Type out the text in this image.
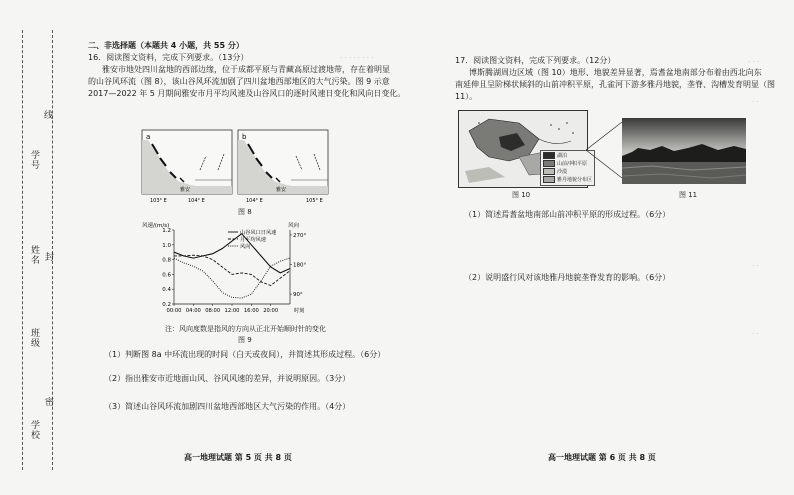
线
封
密
学号
姓名
班级
学校

二、非选择题（本题共 4 小题，共 55 分）

16．阅读图文资料，完成下列要求。（13分）

雅安市地处四川盆地的西部边缘，位于成都平原与青藏高原过渡地带，存在着明显

的山谷风环流（图 8），该山谷风环流加剧了四川盆地西部地区的大气污染。图 9 示意

2017—2022 年 5 月期间雅安市月平均风速及山谷风口的逐时风速日变化和风向日变化。

a
雅安
103° E	104° E
b
雅安
104° E	105° E
图 8
0.2
0.4
0.6
0.8
1.0
1.2
90°
180°
270°
00:00 04:00 08:00 12:00 16:00 20:00	时刻
风速/(m/s)	风向
山谷风口日风速
月平均风速
风向
注：风向度数是指风的方向从正北开始顺时针的变化
图 9
（1）判断图 8a 中环流出现的时间（白天或夜间），并简述其形成过程。（6分）
（2）指出雅安市近地面山风、谷风风速的差异，并说明原因。（3分）
（3）简述山谷风环流加剧四川盆地西部地区大气污染的作用。（4分）
高一地理试题 第 5 页 共 8 页
· · · · · · · ·	17．阅读图文资料，完成下列要求。（12分）

博斯腾湖周边区域（图 10）地形、地貌差异显著，焉耆盆地南部分布着由西北向东

南延伸且呈阶梯状倾斜的山前冲积平原，孔雀河下游多雅丹地貌，垄脊、沟槽发育明显（图

11）。

湖泊
山前冲积平原
沙漠
雅丹地貌分布区
图 10	图 11
（1）简述焉耆盆地南部山前冲积平原的形成过程。（6分）
（2）说明盛行风对该地雅丹地貌垄脊发育的影响。（6分）
高一地理试题 第 6 页 共 8 页
· · ·
· ·
· ·
· ·
